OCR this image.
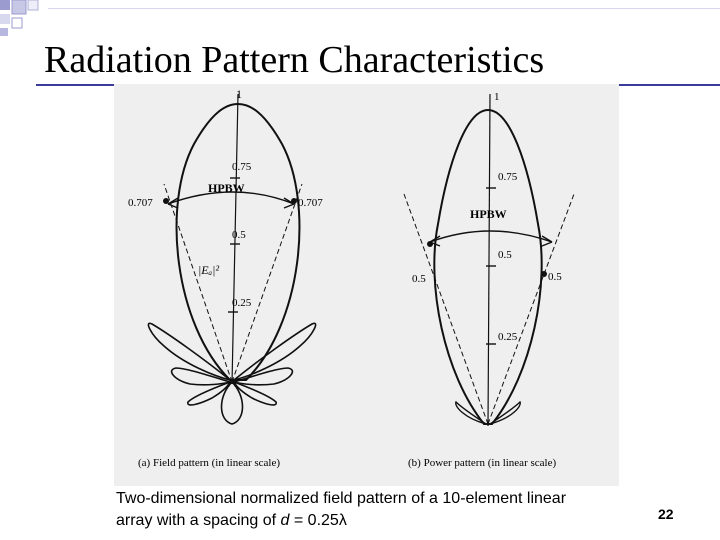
Radiation Pattern Characteristics
1
0.75
0.5
0.25
0.707	0.707
HPBW
|Eₐ|²
(a) Field pattern (in linear scale)
1
0.75
0.5
0.25
0.5	0.5
HPBW
(b) Power pattern (in linear scale)
Two-dimensional normalized field pattern of a 10-element linear
array with a spacing of d = 0.25λ	22
